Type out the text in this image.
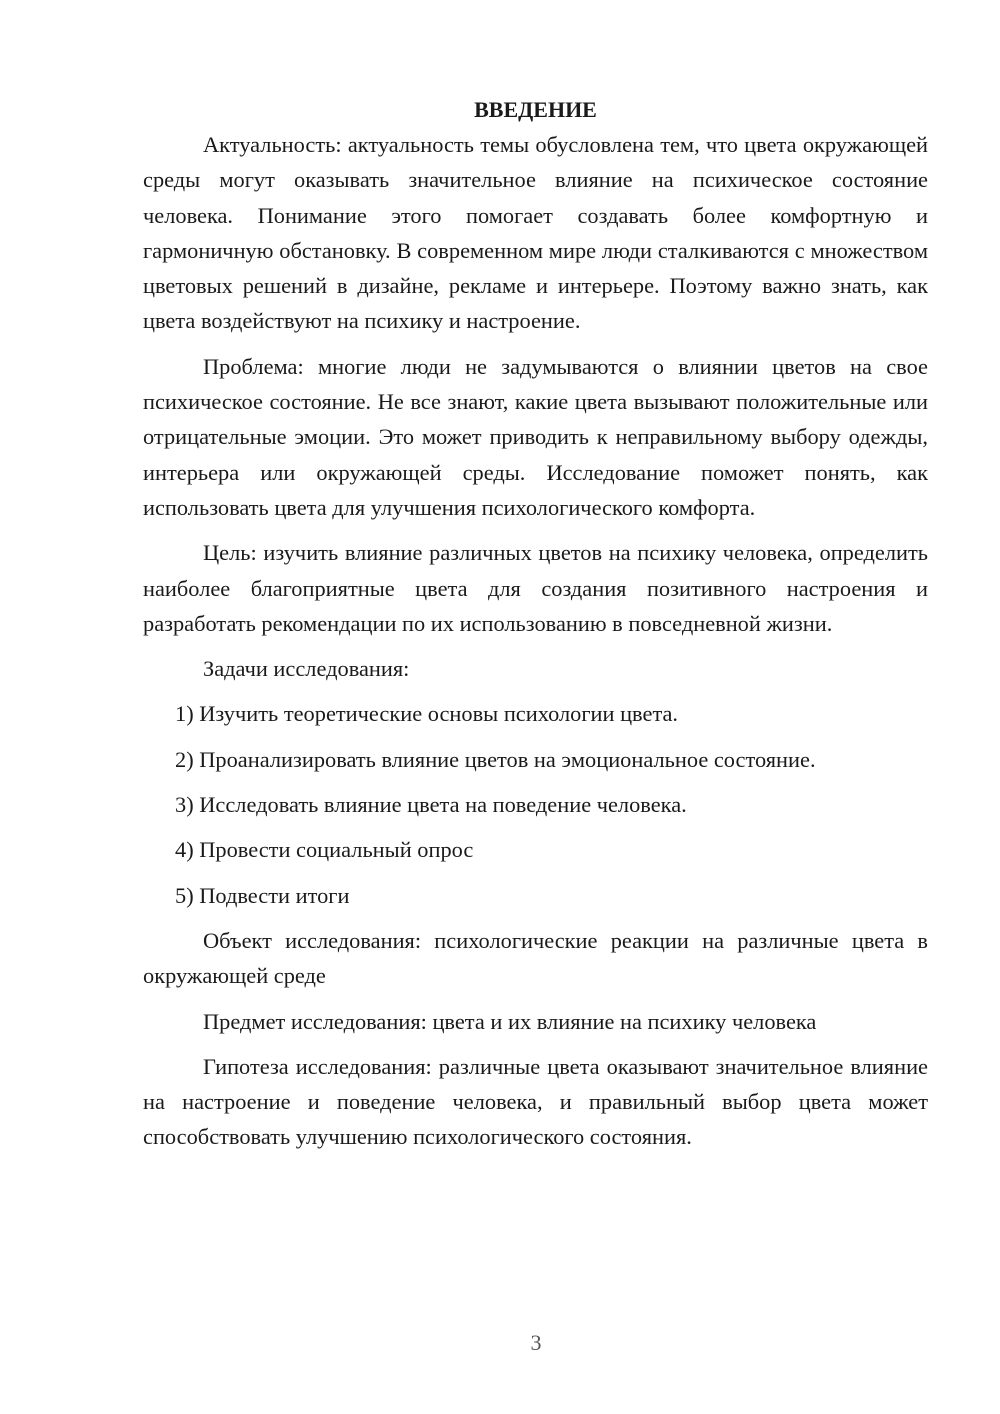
ВВЕДЕНИЕ

Актуальность: актуальность темы обусловлена тем, что цвета окружающей среды могут оказывать значительное влияние на психическое состояние человека. Понимание этого помогает создавать более комфортную и гармоничную обстановку. В современном мире люди сталкиваются с множеством цветовых решений в дизайне, рекламе и интерьере. Поэтому важно знать, как цвета воздействуют на психику и настроение.

Проблема: многие люди не задумываются о влиянии цветов на свое психическое состояние. Не все знают, какие цвета вызывают положительные или отрицательные эмоции. Это может приводить к неправильному выбору одежды, интерьера или окружающей среды. Исследование поможет понять, как использовать цвета для улучшения психологического комфорта.

Цель: изучить влияние различных цветов на психику человека, определить наиболее благоприятные цвета для создания позитивного настроения и разработать рекомендации по их использованию в повседневной жизни.

Задачи исследования:

1) Изучить теоретические основы психологии цвета.

2) Проанализировать влияние цветов на эмоциональное состояние.

3) Исследовать влияние цвета на поведение человека.

4) Провести социальный опрос

5) Подвести итоги

Объект исследования: психологические реакции на различные цвета в окружающей среде

Предмет исследования: цвета и их влияние на психику человека

Гипотеза исследования: различные цвета оказывают значительное влияние на настроение и поведение человека, и правильный выбор цвета может способствовать улучшению психологического состояния.

3
